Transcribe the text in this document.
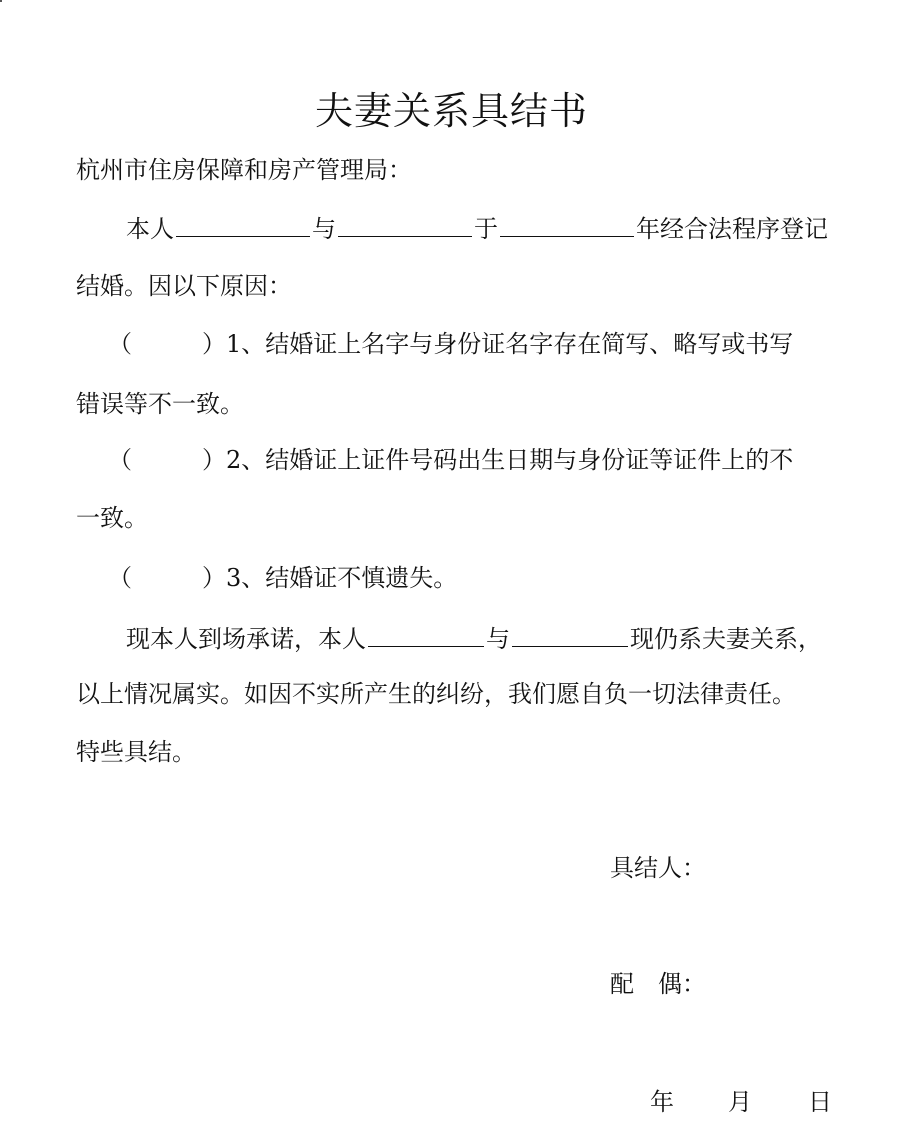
夫妻关系具结书
杭州市住房保障和房产管理局：
本人	与	于	年经合法程序登记
结婚。因以下原因：
（	）1、结婚证上名字与身份证名字存在简写、略写或书写
错误等不一致。
（	）2、结婚证上证件号码出生日期与身份证等证件上的不
一致。
（	）3、结婚证不慎遗失。
现本人到场承诺，本人	与	现仍系夫妻关系，
以上情况属实。如因不实所产生的纠纷，我们愿自负一切法律责任。
特些具结。
具结人：
配　偶：
年 月 日
